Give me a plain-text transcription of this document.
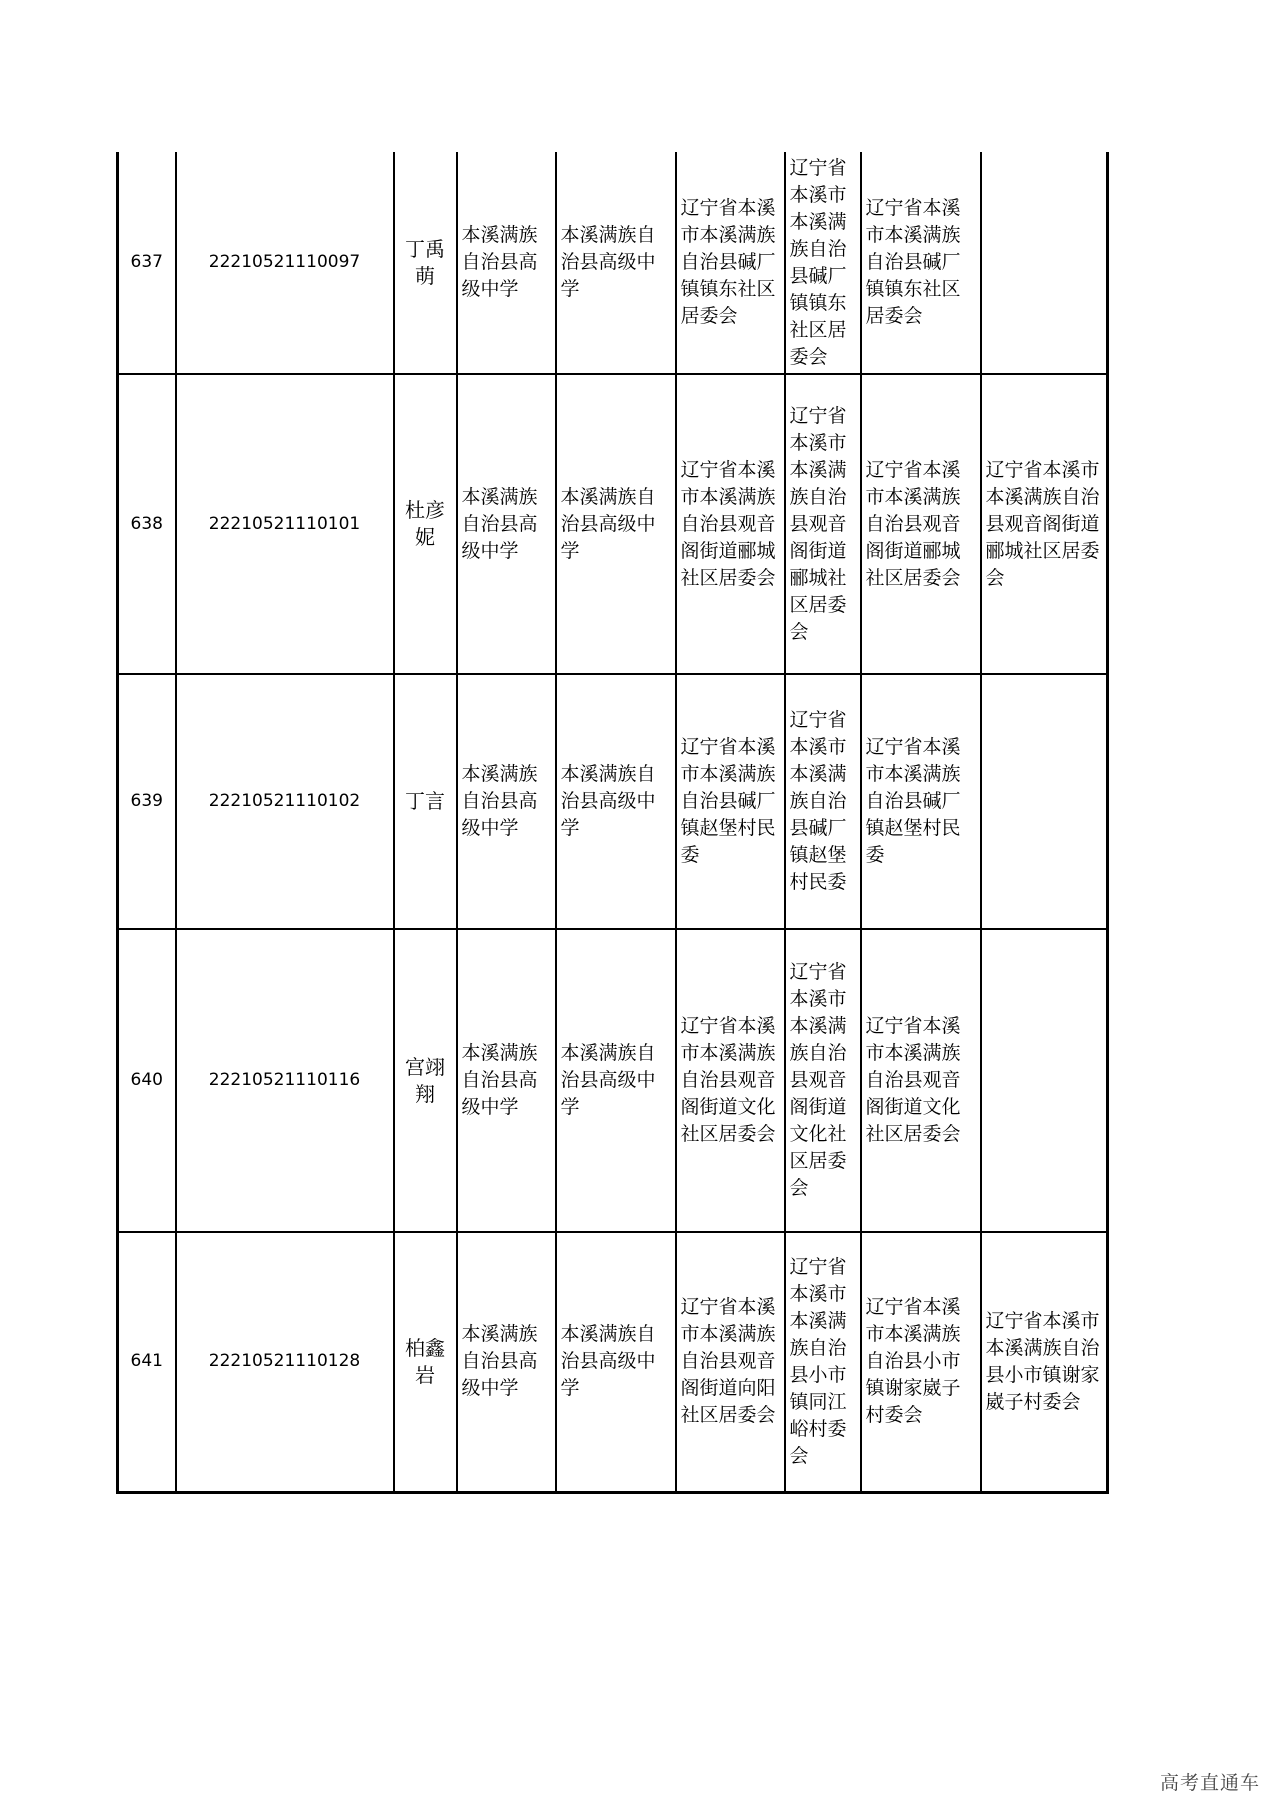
637	22210521110097	丁禹萌	本溪满族自治县高级中学	本溪满族自治县高级中学	辽宁省本溪市本溪满族自治县碱厂镇镇东社区居委会	辽宁省本溪市本溪满族自治县碱厂镇镇东社区居委会	辽宁省本溪市本溪满族自治县碱厂镇镇东社区居委会	
638	22210521110101	杜彦妮	本溪满族自治县高级中学	本溪满族自治县高级中学	辽宁省本溪市本溪满族自治县观音阁街道郦城社区居委会	辽宁省本溪市本溪满族自治县观音阁街道郦城社区居委会	辽宁省本溪市本溪满族自治县观音阁街道郦城社区居委会	辽宁省本溪市本溪满族自治县观音阁街道郦城社区居委会
639	22210521110102	丁言	本溪满族自治县高级中学	本溪满族自治县高级中学	辽宁省本溪市本溪满族自治县碱厂镇赵堡村民委	辽宁省本溪市本溪满族自治县碱厂镇赵堡村民委	辽宁省本溪市本溪满族自治县碱厂镇赵堡村民委	
640	22210521110116	宫翊翔	本溪满族自治县高级中学	本溪满族自治县高级中学	辽宁省本溪市本溪满族自治县观音阁街道文化社区居委会	辽宁省本溪市本溪满族自治县观音阁街道文化社区居委会	辽宁省本溪市本溪满族自治县观音阁街道文化社区居委会	
641	22210521110128	柏鑫岩	本溪满族自治县高级中学	本溪满族自治县高级中学	辽宁省本溪市本溪满族自治县观音阁街道向阳社区居委会	辽宁省本溪市本溪满族自治县小市镇同江峪村委会	辽宁省本溪市本溪满族自治县小市镇谢家崴子村委会	辽宁省本溪市本溪满族自治县小市镇谢家崴子村委会
高考直通车
